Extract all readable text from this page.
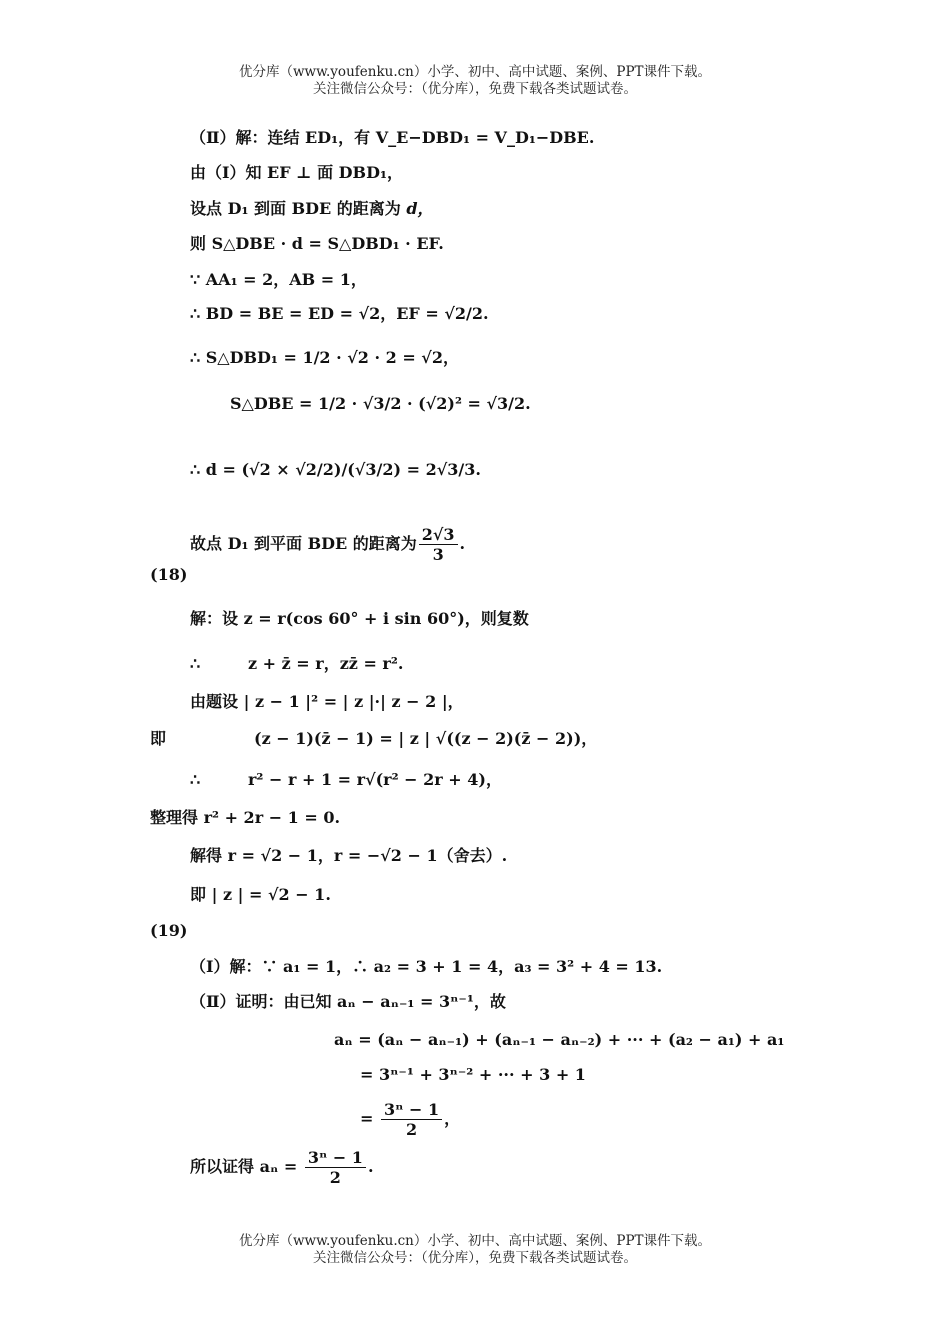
优分库（www.youfenku.cn）小学、初中、高中试题、案例、PPT课件下载。
关注微信公众号：（优分库），免费下载各类试题试卷。
（Ⅱ）解：连结 ED₁，有 V_E−DBD₁ = V_D₁−DBE.
由（Ⅰ）知 EF ⊥ 面 DBD₁，
设点 D₁ 到面 BDE 的距离为 d，
则 S△DBE · d = S△DBD₁ · EF.
∵ AA₁ = 2，AB = 1，
∴ BD = BE = ED = √2，EF = √2/2.
∴ S△DBD₁ = 1/2 · √2 · 2 = √2，
S△DBE = 1/2 · √3/2 · (√2)² = √3/2.
∴ d = (√2 × √2/2)/(√3/2) = 2√3/3.
故点 D₁ 到平面 BDE 的距离为 $\frac{2√3}{3}$ .
(18)
解：设 z = r(cos 60° + i sin 60°)，则复数
∴	z + z̄ = r，zz̄ = r².
由题设 | z − 1 |² = | z |·| z − 2 |，
即	(z − 1)(z̄ − 1) = | z | √((z − 2)(z̄ − 2))，
∴	r² − r + 1 = r√(r² − 2r + 4)，
整理得 r² + 2r − 1 = 0.
解得 r = √2 − 1，r = −√2 − 1（舍去）.
即 | z | = √2 − 1.
(19)
（Ⅰ）解：∵ a₁ = 1，∴ a₂ = 3 + 1 = 4，a₃ = 3² + 4 = 13.
（Ⅱ）证明：由已知 aₙ − aₙ₋₁ = 3ⁿ⁻¹，故
aₙ = (aₙ − aₙ₋₁) + (aₙ₋₁ − aₙ₋₂) + ··· + (a₂ − a₁) + a₁
= 3ⁿ⁻¹ + 3ⁿ⁻² + ··· + 3 + 1
= $\frac{\text{3ⁿ − 1}}{2}$ ，
所以证得 $a_n = \frac{\text{3ⁿ − 1}}{2}$ .
优分库（www.youfenku.cn）小学、初中、高中试题、案例、PPT课件下载。
关注微信公众号：（优分库），免费下载各类试题试卷。
